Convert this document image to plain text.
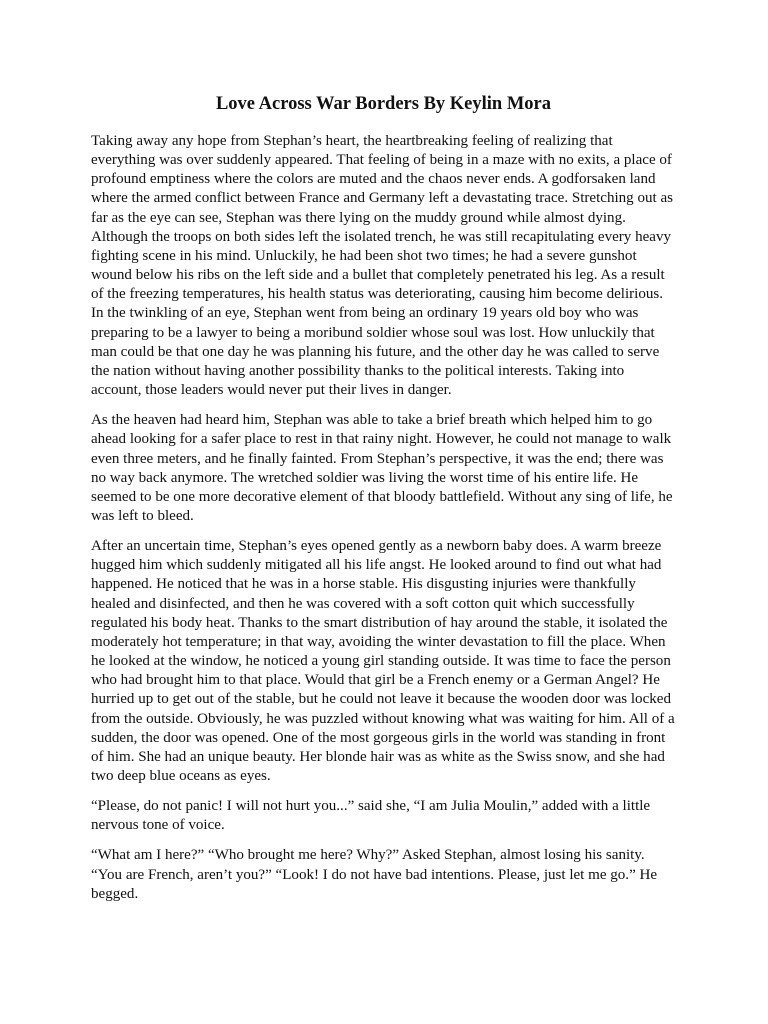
Love Across War Borders By Keylin Mora

Taking away any hope from Stephan’s heart, the heartbreaking feeling of realizing that
everything was over suddenly appeared. That feeling of being in a maze with no exits, a place of
profound emptiness where the colors are muted and the chaos never ends. A godforsaken land
where the armed conflict between France and Germany left a devastating trace. Stretching out as
far as the eye can see, Stephan was there lying on the muddy ground while almost dying.
Although the troops on both sides left the isolated trench, he was still recapitulating every heavy
fighting scene in his mind. Unluckily, he had been shot two times; he had a severe gunshot
wound below his ribs on the left side and a bullet that completely penetrated his leg. As a result
of the freezing temperatures, his health status was deteriorating, causing him become delirious.
In the twinkling of an eye, Stephan went from being an ordinary 19 years old boy who was
preparing to be a lawyer to being a moribund soldier whose soul was lost. How unluckily that
man could be that one day he was planning his future, and the other day he was called to serve
the nation without having another possibility thanks to the political interests. Taking into
account, those leaders would never put their lives in danger.

As the heaven had heard him, Stephan was able to take a brief breath which helped him to go
ahead looking for a safer place to rest in that rainy night. However, he could not manage to walk
even three meters, and he finally fainted. From Stephan’s perspective, it was the end; there was
no way back anymore. The wretched soldier was living the worst time of his entire life. He
seemed to be one more decorative element of that bloody battlefield. Without any sing of life, he
was left to bleed.

After an uncertain time, Stephan’s eyes opened gently as a newborn baby does. A warm breeze
hugged him which suddenly mitigated all his life angst. He looked around to find out what had
happened. He noticed that he was in a horse stable. His disgusting injuries were thankfully
healed and disinfected, and then he was covered with a soft cotton quit which successfully
regulated his body heat. Thanks to the smart distribution of hay around the stable, it isolated the
moderately hot temperature; in that way, avoiding the winter devastation to fill the place. When
he looked at the window, he noticed a young girl standing outside. It was time to face the person
who had brought him to that place. Would that girl be a French enemy or a German Angel? He
hurried up to get out of the stable, but he could not leave it because the wooden door was locked
from the outside. Obviously, he was puzzled without knowing what was waiting for him. All of a
sudden, the door was opened. One of the most gorgeous girls in the world was standing in front
of him. She had an unique beauty. Her blonde hair was as white as the Swiss snow, and she had
two deep blue oceans as eyes.

“Please, do not panic! I will not hurt you...” said she, “I am Julia Moulin,” added with a little
nervous tone of voice.

“What am I here?” “Who brought me here? Why?” Asked Stephan, almost losing his sanity.
“You are French, aren’t you?” “Look! I do not have bad intentions. Please, just let me go.” He
begged.
